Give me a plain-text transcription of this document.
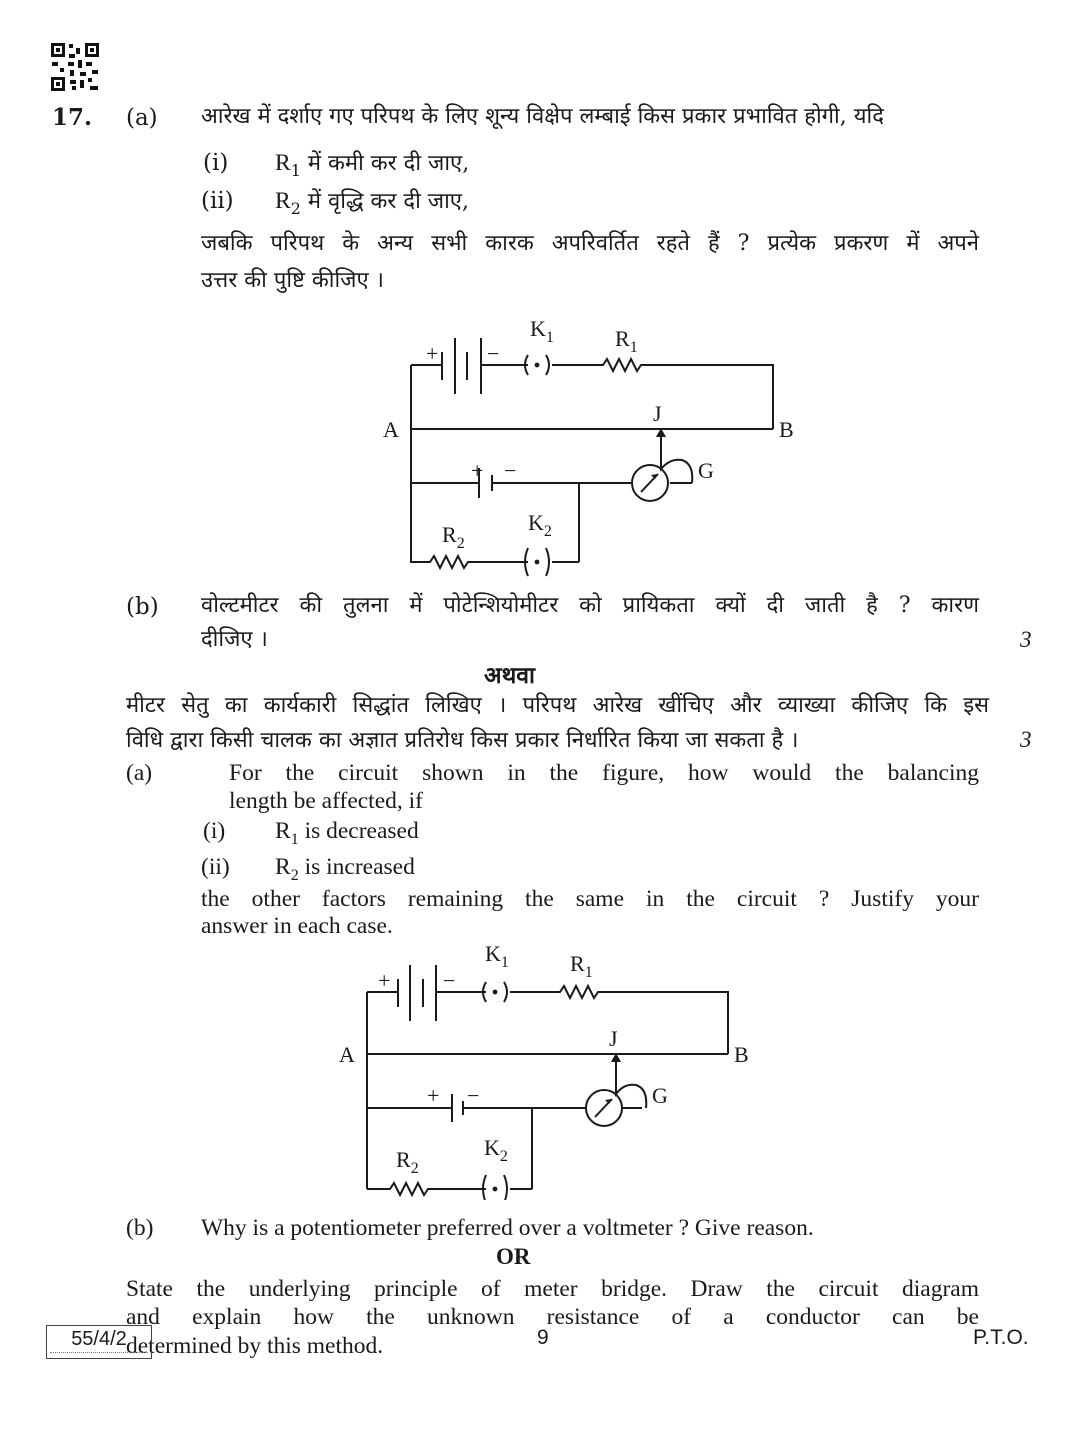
17. (a) आरेख में दर्शाए गए परिपथ के लिए शून्य विक्षेप लम्बाई किस प्रकार प्रभावित होगी, यदि
(i) $R_1$ में कमी कर दी जाए,
(ii) $R_2$ में वृद्धि कर दी जाए,
जबकि परिपथ के अन्य सभी कारक अपरिवर्तित रहते हैं ? प्रत्येक प्रकरण में अपने
उत्तर की पुष्टि कीजिए ।
+ −
$K_1$	$R_1$
A	B
J
G
+ −
$R_2$
$K_2$
(b) वोल्टमीटर की तुलना में पोटेन्शियोमीटर को प्रायिकता क्यों दी जाती है ? कारण
दीजिए ।	3
अथवा
मीटर सेतु का कार्यकारी सिद्धांत लिखिए । परिपथ आरेख खींचिए और व्याख्या कीजिए कि इस
विधि द्वारा किसी चालक का अज्ञात प्रतिरोध किस प्रकार निर्धारित किया जा सकता है ।	3
(a)	For the circuit shown in the figure, how would the balancing
length be affected, if
(i) $R_1$ is decreased
(ii) $R_2$ is increased
the other factors remaining the same in the circuit ? Justify your
answer in each case.
+ −
$K_1$	$R_1$
A	B
J
G
+ −
$R_2$
$K_2$
(b) Why is a potentiometer preferred over a voltmeter ? Give reason.
OR
State the underlying principle of meter bridge. Draw the circuit diagram
and explain how the unknown resistance of a conductor can be
determined by this method.
55/4/2	9	P.T.O.
